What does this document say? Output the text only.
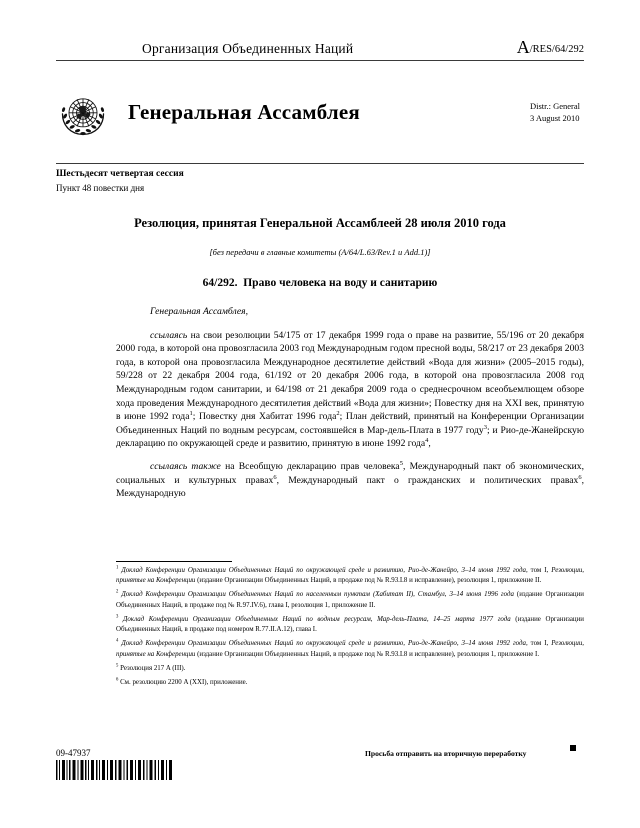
Организация Объединенных Наций	A/RES/64/292
Генеральная Ассамблея	Distr.: General
3 August 2010
Шестьдесят четвертая сессия
Пункт 48 повестки дня
Резолюция, принятая Генеральной Ассамблеей 28 июля 2010 года
[без передачи в главные комитеты (A/64/L.63/Rev.1 и Add.1)]
64/292. Право человека на воду и санитарию

Генеральная Ассамблея,

ссылаясь на свои резолюции 54/175 от 17 декабря 1999 года о праве на развитие, 55/196 от 20 декабря 2000 года, в которой она провозгласила 2003 год Международным годом пресной воды, 58/217 от 23 декабря 2003 года, в которой она провозгласила Международное десятилетие действий «Вода для жизни» (2005–2015 годы), 59/228 от 22 декабря 2004 года, 61/192 от 20 декабря 2006 года, в которой она провозгласила 2008 год Международным годом санитарии, и 64/198 от 21 декабря 2009 года о среднесрочном всеобъемлющем обзоре хода проведения Международного десятилетия действий «Вода для жизни»; Повестку дня на XXI век, принятую в июне 1992 года$^1$; Повестку дня Хабитат 1996 года$^2$; План действий, принятый на Конференции Организации Объединенных Наций по водным ресурсам, состоявшейся в Мар-дель-Плата в 1977 году$^3$; и Рио-де-Жанейрскую декларацию по окружающей среде и развитию, принятую в июне 1992 года$^4$,

ссылаясь также на Всеобщую декларацию прав человека$^5$, Международный пакт об экономических, социальных и культурных правах$^6$, Международный пакт о гражданских и политических правах$^6$, Международную

$^1$ Доклад Конференции Организации Объединенных Наций по окружающей среде и развитию, Рио-де-Жанейро, 3–14 июня 1992 года, том I, Резолюции, принятые на Конференции (издание Организации Объединенных Наций, в продаже под № R.93.I.8 и исправление), резолюция 1, приложение II.

$^2$ Доклад Конференции Организации Объединенных Наций по населенным пунктам (Хабитат II), Стамбул, 3–14 июня 1996 года (издание Организации Объединенных Наций, в продаже под № R.97.IV.6), глава I, резолюция 1, приложение II.

$^3$ Доклад Конференции Организации Объединенных Наций по водным ресурсам, Мар-дель-Плата, 14–25 марта 1977 года (издание Организации Объединенных Наций, в продаже под номером R.77.II.A.12), глава I.

$^4$ Доклад Конференции Организации Объединенных Наций по окружающей среде и развитию, Рио-де-Жанейро, 3–14 июня 1992 года, том I, Резолюции, принятые на Конференции (издание Организации Объединенных Наций, в продаже под № R.93.I.8 и исправление), резолюция 1, приложение I.

$^5$ Резолюция 217 A (III).

$^6$ См. резолюцию 2200 A (XXI), приложение.

09-47937	Просьба отправить на вторичную переработку
